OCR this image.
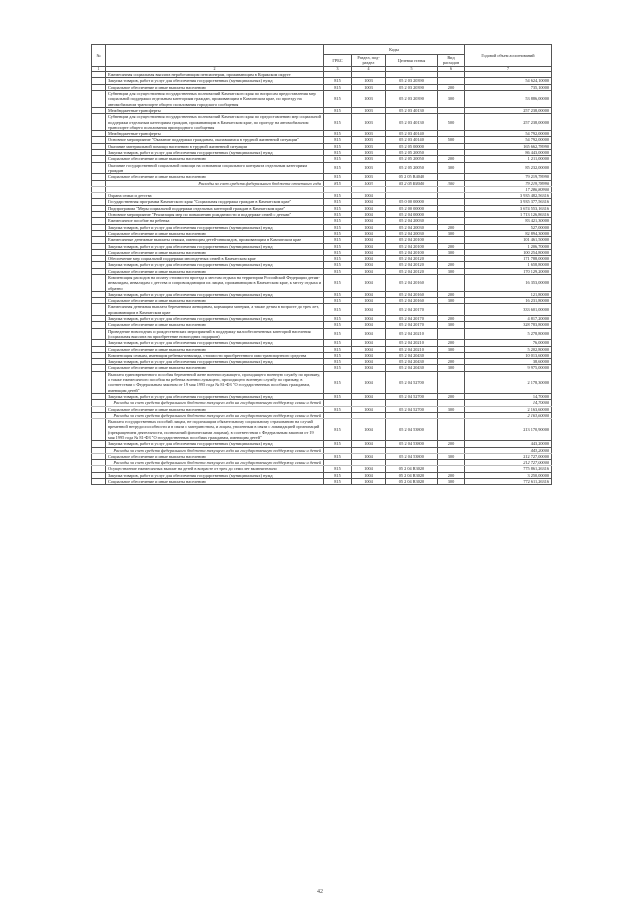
№		Коды				Годовой объем ассигнований
		ГРБС	Раздел, под-раздел	Целевая статья	Вид расходов	
1	2	3	4	5	6	7
	Ежемесячная социальная выплата неработающим пенсионерам, проживающим в Корякском округе					
	Закупка товаров, работ и услуг для обеспечения государственных (муниципальных) нужд	815	1003	05 2 03 20390		54 624,10000
	Социальное обеспечение и иные выплаты населению	815	1003	05 2 03 20390	200	735,10000
	Субвенции для осуществления государственных полномочий Камчатского края по вопросам предоставления мер социальной поддержки отдельным категориям граждан, проживающим в Камчатском крае, по проезду на автомобильном транспорте общего пользования городского сообщения	815	1003	05 2 03 20390	300	53 886,00000
	Межбюджетные трансферты	815	1003	05 2 03 40130		257 238,00000
	Субвенции для осуществления государственных полномочий Камчатского края по предоставлению мер социальной поддержки отдельным категориям граждан, проживающим в Камчатском крае, по проезду на автомобильном транспорте общего пользования пригородного сообщения	815	1003	05 2 03 40130	500	257 238,00000
	Межбюджетные трансферты	815	1003	05 2 03 40140		54 792,00000
	Основное мероприятие "Оказание поддержки гражданам, оказавшимся в трудной жизненной ситуации"	815	1003	05 2 03 40140	500	54 792,00000
	Оказание материальной помощи населению в трудной жизненной ситуации	815	1003	05 2 05 00000		165 662,78990
	Закупка товаров, работ и услуг для обеспечения государственных (муниципальных) нужд	815	1003	05 2 05 20050		86 443,00000
	Социальное обеспечение и иные выплаты населению	815	1003	05 2 05 20050	200	1 211,00000
	Оказание государственной социальной помощи на основании социального контракта отдельным категориям граждан	815	1003	05 2 05 20050	300	85 232,00000
	Социальное обеспечение и иные выплаты населению	815	1003	05 2 05 R4040		79 219,78990
	Расходы за счет средств федерального бюджета отчетного года	815	1003	05 2 05 R4040	300	79 219,78990
						17 286,80900
	Охрана семьи и детства	815	1004			3 935 482,56316
	Государственная программа Камчатского края "Социальная поддержка граждан в Камчатском крае"	815	1004	05 0 00 00000		3 935 377,56316
	Подпрограмма "Меры социальной поддержки отдельных категорий граждан в Камчатском крае"	815	1004	05 2 00 00000		3 674 553,16316
	Основное мероприятие "Реализация мер по повышению рождаемости и поддержке семей с детьми"	815	1004	05 2 04 00000		1 713 126,86316
	Ежемесячное пособие на ребенка	815	1004	05 2 04 20030		83 421,30000
	Закупка товаров, работ и услуг для обеспечения государственных (муниципальных) нужд	815	1004	05 2 04 20030	200	527,00000
	Социальное обеспечение и иные выплаты населению	815	1004	05 2 04 20030	300	82 894,30000
	Ежемесячные денежные выплаты семьям, имеющим детей-инвалидов, проживающим в Камчатском крае	815	1004	05 2 04 20100		101 461,50000
	Закупка товаров, работ и услуг для обеспечения государственных (муниципальных) нужд	815	1004	05 2 04 20100	200	1 206,70000
	Социальное обеспечение и иные выплаты населению	815	1004	05 2 04 20100	300	100 254,80000
	Обеспечение мер социальной поддержки многодетных семей в Камчатском крае	815	1004	05 2 04 20120		171 788,00000
	Закупка товаров, работ и услуг для обеспечения государственных (муниципальных) нужд	815	1004	05 2 04 20120	200	1 658,80000
	Социальное обеспечение и иные выплаты населению	815	1004	05 2 04 20120	300	170 129,20000
	Компенсация расходов на оплату стоимости проезда к местам отдыха на территории Российской Федерации детям-инвалидам, инвалидам с детства и сопровождающим их лицам, проживающим в Камчатском крае, к месту отдыха и обратно	815	1004	05 2 04 20160		16 353,00000
	Закупка товаров, работ и услуг для обеспечения государственных (муниципальных) нужд	815	1004	05 2 04 20160	200	121,80000
	Социальное обеспечение и иные выплаты населению	815	1004	05 2 04 20160	300	16 231,80000
	Ежемесячная денежная выплата беременным женщинам, кормящим матерям, а также детям в возрасте до трех лет, проживающим в Камчатском крае	815	1004	05 2 04 20170		333 601,00000
	Закупка товаров, работ и услуг для обеспечения государственных (муниципальных) нужд	815	1004	05 2 04 20170	200	4 817,20000
	Социальное обеспечение и иные выплаты населению	815	1004	05 2 04 20170	300	328 783,80000
	Проведение новогодних и рождественских мероприятий в поддержку малообеспеченных категорий населения (социальная выплата на приобретение новогодних подарков)	815	1004	05 2 04 20210		5 278,80000
	Закупка товаров, работ и услуг для обеспечения государственных (муниципальных) нужд	815	1004	05 2 04 20210	200	76,00000
	Социальное обеспечение и иные выплаты населению	815	1004	05 2 04 20210	300	5 202,80000
	Компенсация семьям, имеющим ребенка-инвалида, стоимости приобретенного ими транспортного средства	815	1004	05 2 04 20430		10 013,60000
	Закупка товаров, работ и услуг для обеспечения государственных (муниципальных) нужд	815	1004	05 2 04 20430	200	38,60000
	Социальное обеспечение и иные выплаты населению	815	1004	05 2 04 20430	300	9 975,00000
	Выплата единовременного пособия беременной жене военнослужащего, проходящего военную службу по призыву, а также ежемесячного пособия на ребенка военнослужащего, проходящего военную службу по призыву, в соответствии с Федеральным законом от 19 мая 1995 года № 81-ФЗ "О государственных пособиях гражданам, имеющим детей"	815	1004	05 2 04 52700		2 178,30000
	Закупка товаров, работ и услуг для обеспечения государственных (муниципальных) нужд	815	1004	05 2 04 52700	200	14,70000
	Расходы за счет средств федерального бюджета текущего года на государственную поддержку семьи и детей					14,70000
	Социальное обеспечение и иные выплаты населению	815	1004	05 2 04 52700	300	2 163,60000
	Расходы за счет средств федерального бюджета текущего года на государственную поддержку семьи и детей					2 163,60000
	Выплата государственных пособий лицам, не подлежащим обязательному социальному страхованию на случай временной нетрудоспособности и в связи с материнством, и лицам, уволенным в связи с ликвидацией организаций (прекращением деятельности, полномочий физическими лицами), в соответствии с Федеральным законом от 19 мая 1995 года № 81-ФЗ "О государственных пособиях гражданам, имеющим детей"	815	1004	05 2 04 53800		213 170,90000
	Закупка товаров, работ и услуг для обеспечения государственных (муниципальных) нужд	815	1004	05 2 04 53800	200	443,20000
	Расходы за счет средств федерального бюджета текущего года на государственную поддержку семьи и детей					443,20000
	Социальное обеспечение и иные выплаты населению	815	1004	05 2 04 53800	300	212 727,00000
	Расходы за счет средств федерального бюджета текущего года на государственную поддержку семьи и детей					212 727,00000
	Осуществление ежемесячных выплат на детей в возрасте от трех до семи лет включительно	815	1004	05 2 04 R3020		775 861,26316
	Закупка товаров, работ и услуг для обеспечения государственных (муниципальных) нужд	815	1004	05 2 04 R3020	200	3 250,00000
	Социальное обеспечение и иные выплаты населению	815	1004	05 2 04 R3020	300	772 611,26316
42
